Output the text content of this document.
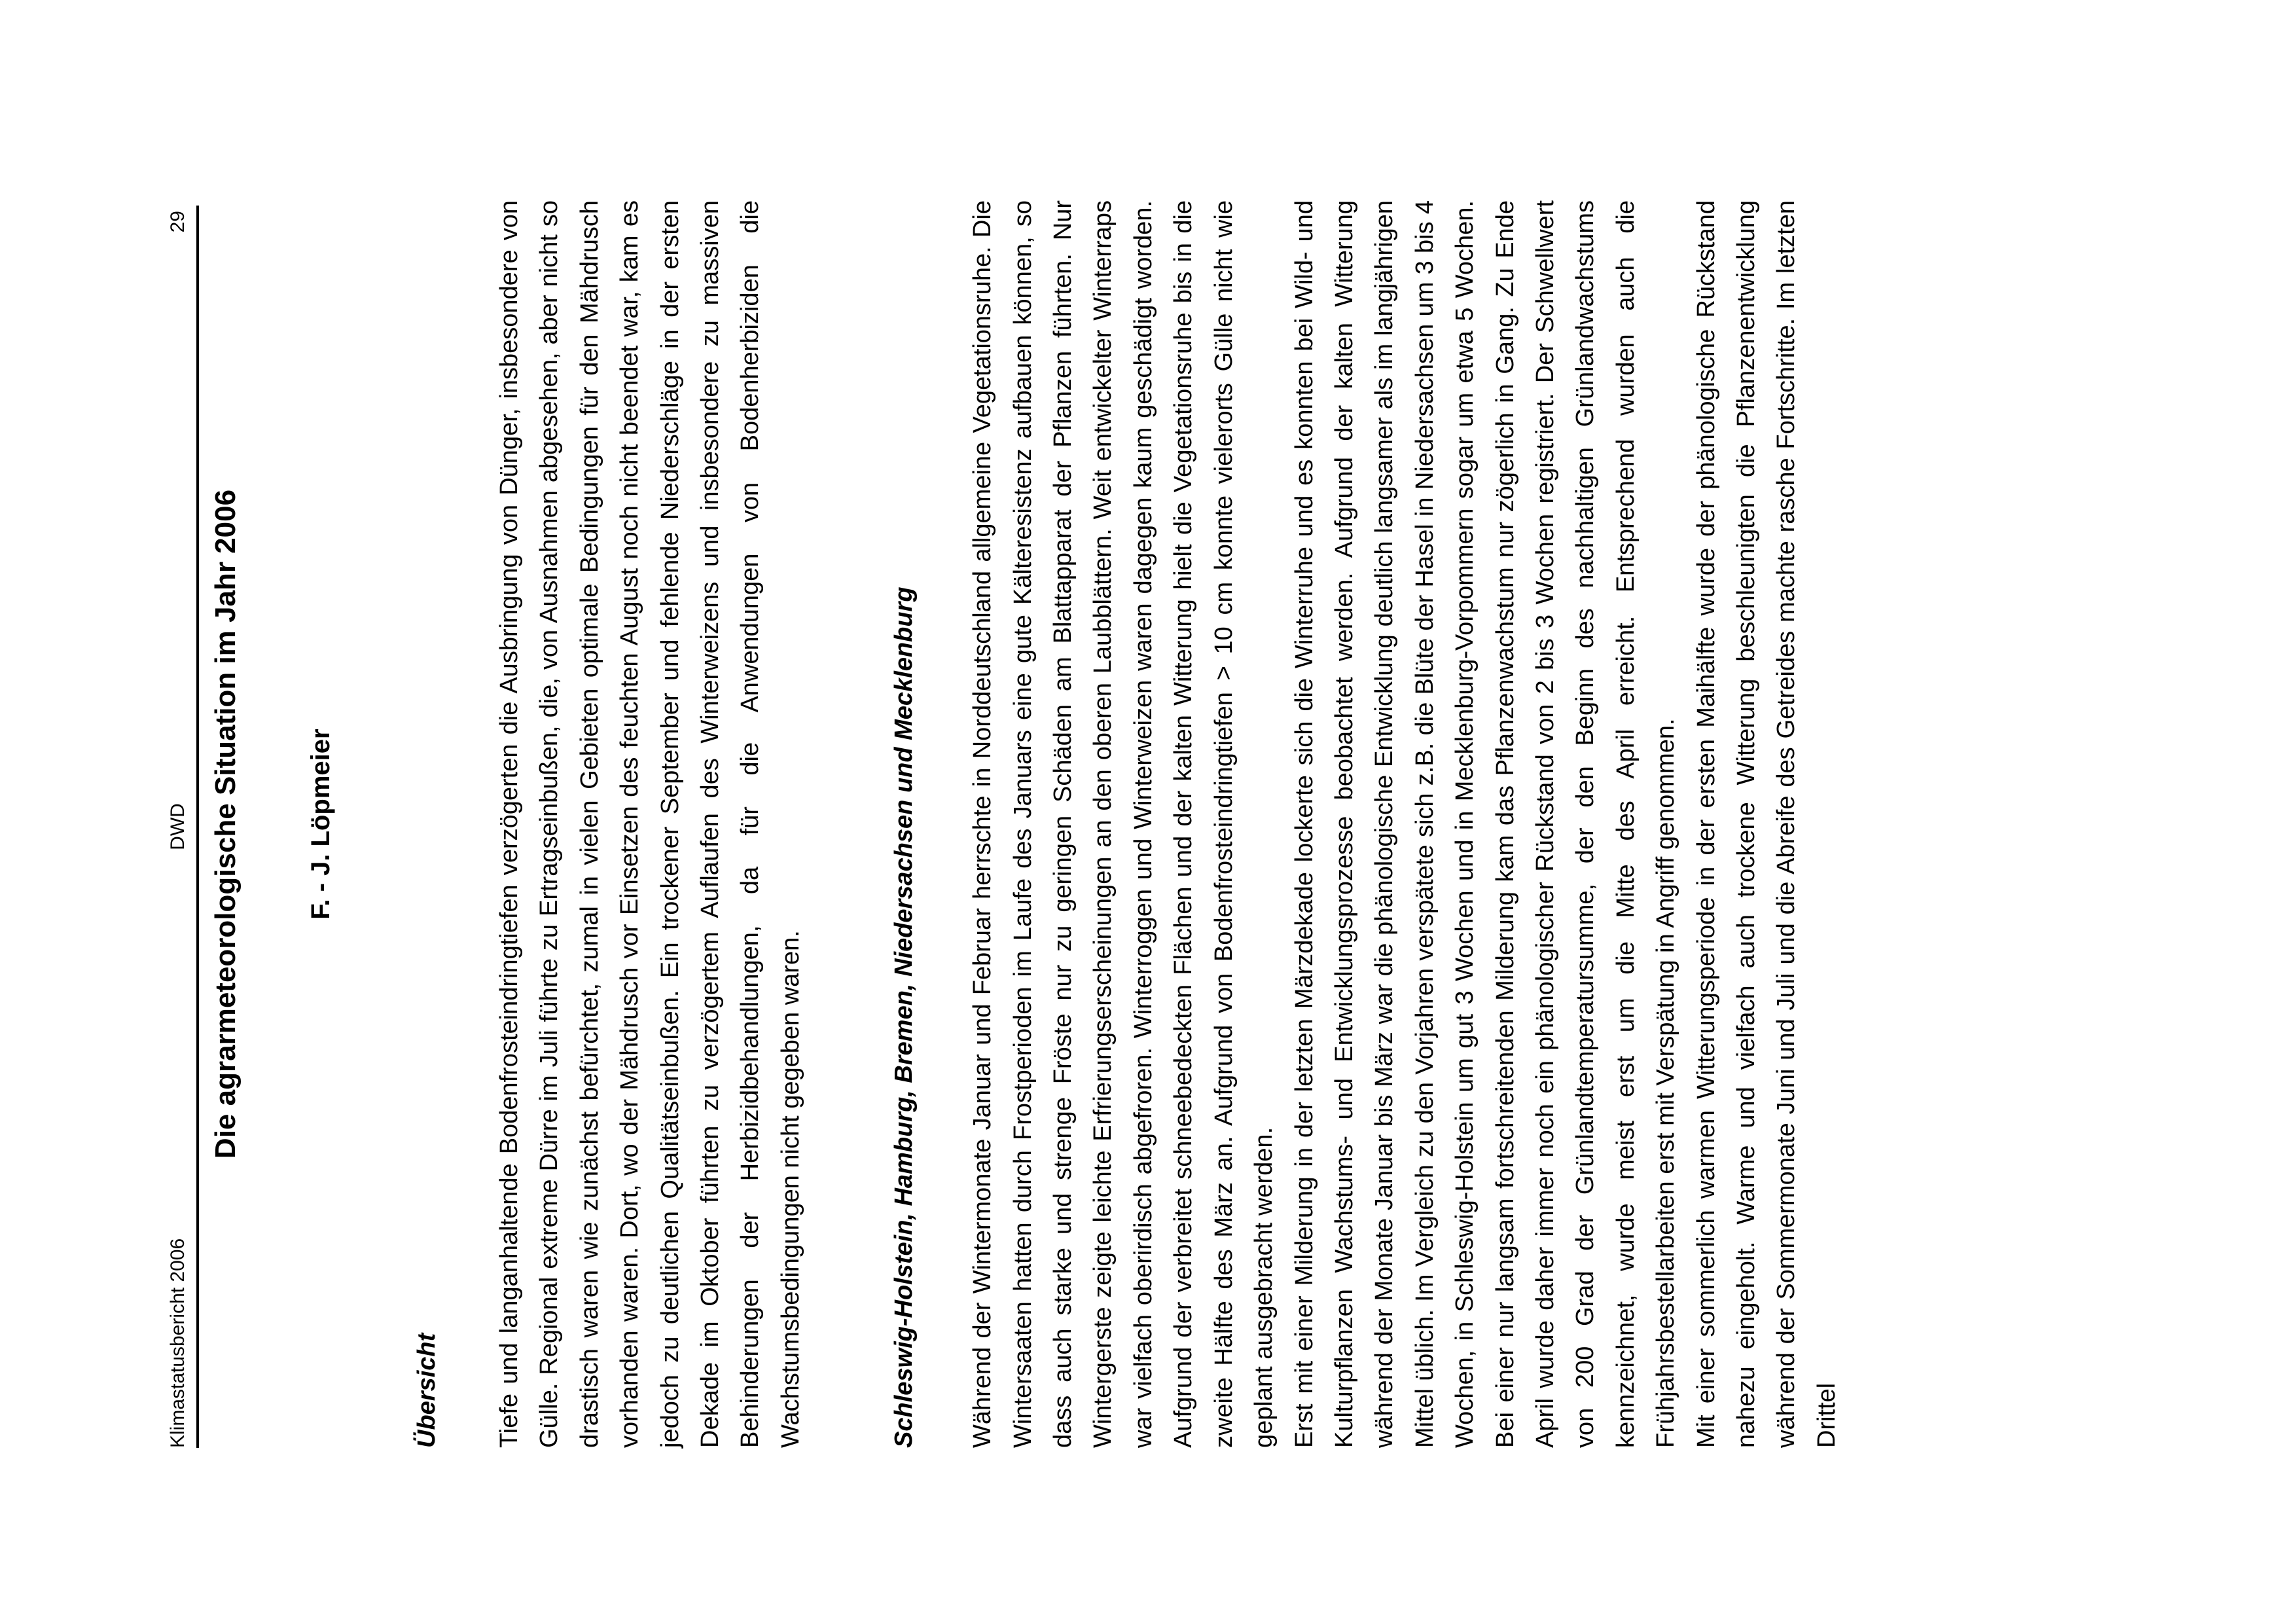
Klimastatusbericht 2006
DWD
29
Die agrarmeteorologische Situation im Jahr 2006 F. - J. Löpmeier

Übersicht Tiefe und langanhaltende Bodenfrosteindringtiefen verzögerten die Ausbringung von Dünger, insbesondere von Gülle. Regional extreme Dürre im Juli führte zu Ertragseinbußen, die, von Ausnahmen abgesehen, aber nicht so drastisch waren wie zunächst befürchtet, zumal in vielen Gebieten optimale Bedingungen für den Mähdrusch vorhanden waren. Dort, wo der Mähdrusch vor Einsetzen des feuchten August noch nicht beendet war, kam es jedoch zu deutlichen Qualitätseinbußen. Ein trockener September und fehlende Niederschläge in der ersten Dekade im Oktober führten zu verzögertem Auflaufen des Winterweizens und insbesondere zu massiven Behinderungen der Herbizidbehandlungen, da für die Anwendungen von Bodenherbiziden die Wachstumsbedingungen nicht gegeben waren.	Schleswig-Holstein, Hamburg, Bremen, Niedersachsen und Mecklenburg Während der Wintermonate Januar und Februar herrschte in Norddeutschland allgemeine Vegetationsruhe. Die Wintersaaten hatten durch Frostperioden im Laufe des Januars eine gute Kälteresistenz aufbauen können, so dass auch starke und strenge Fröste nur zu geringen Schäden am Blattapparat der Pflanzen führten. Nur Wintergerste zeigte leichte Erfrierungserscheinungen an den oberen Laubblättern. Weit entwickelter Winterraps war vielfach oberirdisch abgefroren. Winterroggen und Winterweizen waren dagegen kaum geschädigt worden. Aufgrund der verbreitet schneebedeckten Flächen und der kalten Witterung hielt die Vegetationsruhe bis in die zweite Hälfte des März an. Aufgrund von Bodenfrosteindringtiefen > 10 cm konnte vielerorts Gülle nicht wie geplant ausgebracht werden. Erst mit einer Milderung in der letzten Märzdekade lockerte sich die Winterruhe und es konnten bei Wild- und Kulturpflanzen Wachstums- und Entwicklungsprozesse beobachtet werden. Aufgrund der kalten Witterung während der Monate Januar bis März war die phänologische Entwicklung deutlich langsamer als im langjährigen Mittel üblich. Im Vergleich zu den Vorjahren verspätete sich z.B. die Blüte der Hasel in Niedersachsen um 3 bis 4 Wochen, in Schleswig-Holstein um gut 3 Wochen und in Mecklenburg-Vorpommern sogar um etwa 5 Wochen. Bei einer nur langsam fortschreitenden Milderung kam das Pflanzenwachstum nur zögerlich in Gang. Zu Ende April wurde daher immer noch ein phänologischer Rückstand von 2 bis 3 Wochen registriert. Der Schwellwert von 200 Grad der Grünlandtemperatursumme, der den Beginn des nachhaltigen Grünlandwachstums kennzeichnet, wurde meist erst um die Mitte des April erreicht. Entsprechend wurden auch die Frühjahrsbestellarbeiten erst mit Verspätung in Angriff genommen. Mit einer sommerlich warmen Witterungsperiode in der ersten Maihälfte wurde der phänologische Rückstand nahezu eingeholt. Warme und vielfach auch trockene Witterung beschleunigten die Pflanzenentwicklung während der Sommermonate Juni und Juli und die Abreife des Getreides machte rasche Fortschritte. Im letzten Drittel
